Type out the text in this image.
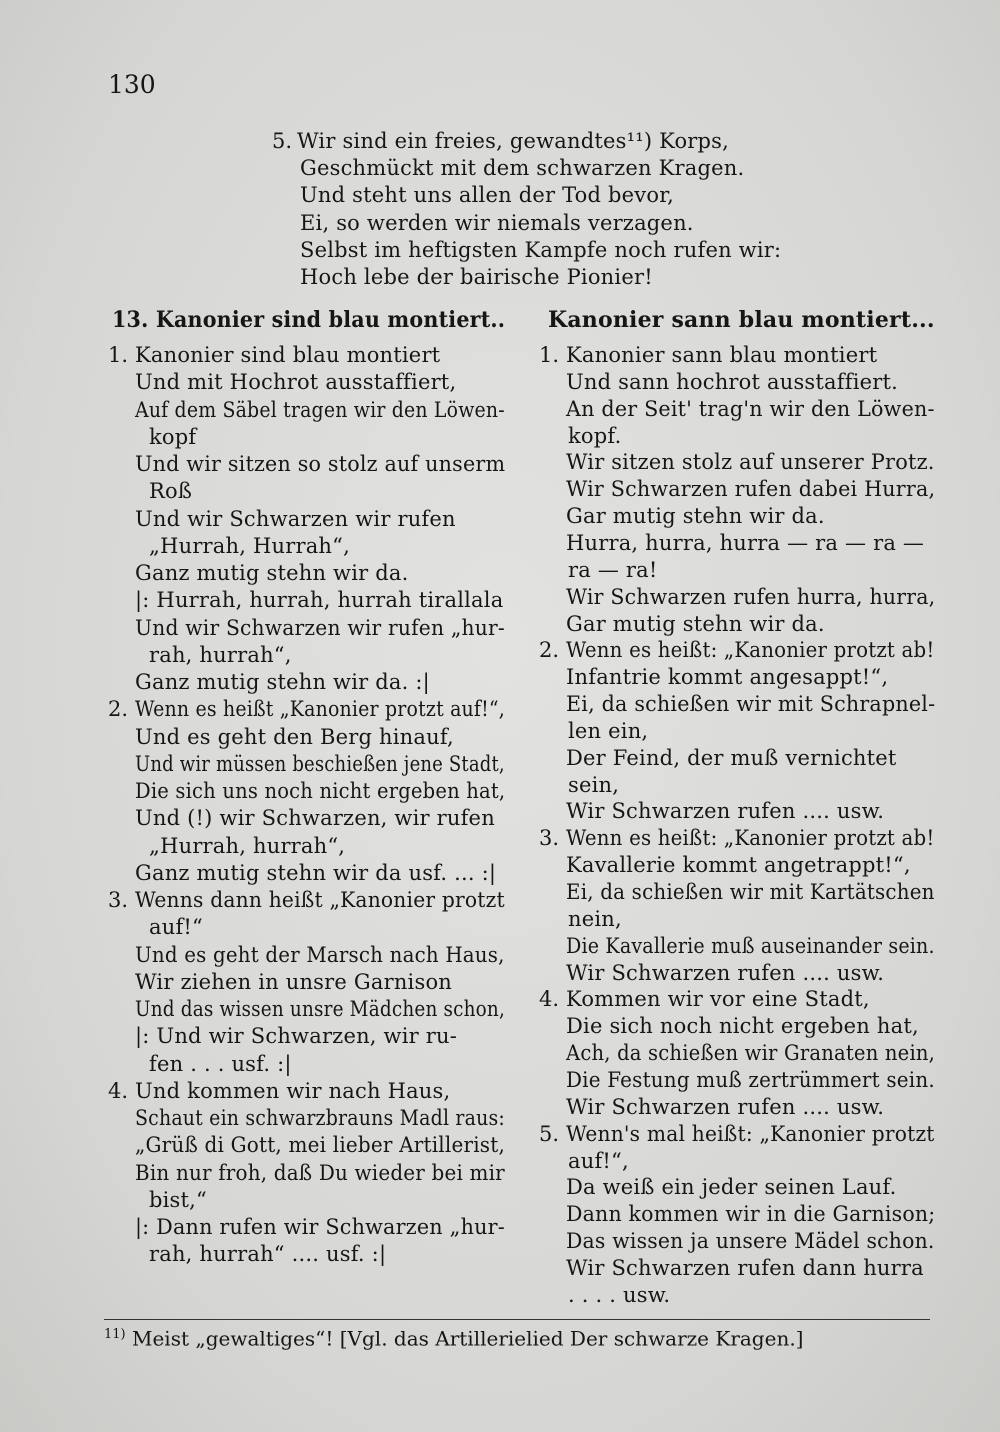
130
5. Wir sind ein freies, gewandtes¹¹) Korps,
Geschmückt mit dem schwarzen Kragen.
Und steht uns allen der Tod bevor,
Ei, so werden wir niemals verzagen.
Selbst im heftigsten Kampfe noch rufen wir:
Hoch lebe der bairische Pionier!
13. Kanonier sind blau montiert..
1. Kanonier sind blau montiert
Und mit Hochrot ausstaffiert,
Auf dem Säbel tragen wir den Löwen-
kopf
Und wir sitzen so stolz auf unserm
Roß
Und wir Schwarzen wir rufen
„Hurrah, Hurrah“,
Ganz mutig stehn wir da.
|: Hurrah, hurrah, hurrah tirallala
Und wir Schwarzen wir rufen „hur-
rah, hurrah“,
Ganz mutig stehn wir da. :|
2. Wenn es heißt „Kanonier protzt auf!“,
Und es geht den Berg hinauf,
Und wir müssen beschießen jene Stadt,
Die sich uns noch nicht ergeben hat,
Und (!) wir Schwarzen, wir rufen
„Hurrah, hurrah“,
Ganz mutig stehn wir da usf. ... :|
3. Wenns dann heißt „Kanonier protzt
auf!“
Und es geht der Marsch nach Haus,
Wir ziehen in unsre Garnison
Und das wissen unsre Mädchen schon,
|: Und wir Schwarzen, wir ru-
fen . . . usf. :|
4. Und kommen wir nach Haus,
Schaut ein schwarzbrauns Madl raus:
„Grüß di Gott, mei lieber Artillerist,
Bin nur froh, daß Du wieder bei mir
bist,“
|: Dann rufen wir Schwarzen „hur-
rah, hurrah“ .... usf. :|
Kanonier sann blau montiert...
1. Kanonier sann blau montiert
Und sann hochrot ausstaffiert.
An der Seit' trag'n wir den Löwen-
kopf.
Wir sitzen stolz auf unserer Protz.
Wir Schwarzen rufen dabei Hurra,
Gar mutig stehn wir da.
Hurra, hurra, hurra — ra — ra —
ra — ra!
Wir Schwarzen rufen hurra, hurra,
Gar mutig stehn wir da.
2. Wenn es heißt: „Kanonier protzt ab!
Infantrie kommt angesappt!“,
Ei, da schießen wir mit Schrapnel-
len ein,
Der Feind, der muß vernichtet
sein,
Wir Schwarzen rufen .... usw.
3. Wenn es heißt: „Kanonier protzt ab!
Kavallerie kommt angetrappt!“,
Ei, da schießen wir mit Kartätschen
nein,
Die Kavallerie muß auseinander sein.
Wir Schwarzen rufen .... usw.
4. Kommen wir vor eine Stadt,
Die sich noch nicht ergeben hat,
Ach, da schießen wir Granaten nein,
Die Festung muß zertrümmert sein.
Wir Schwarzen rufen .... usw.
5. Wenn's mal heißt: „Kanonier protzt
auf!“,
Da weiß ein jeder seinen Lauf.
Dann kommen wir in die Garnison;
Das wissen ja unsere Mädel schon.
Wir Schwarzen rufen dann hurra
. . . . usw.
$^{11)}$ Meist „gewaltiges“! [Vgl. das Artillerielied Der schwarze Kragen.]
